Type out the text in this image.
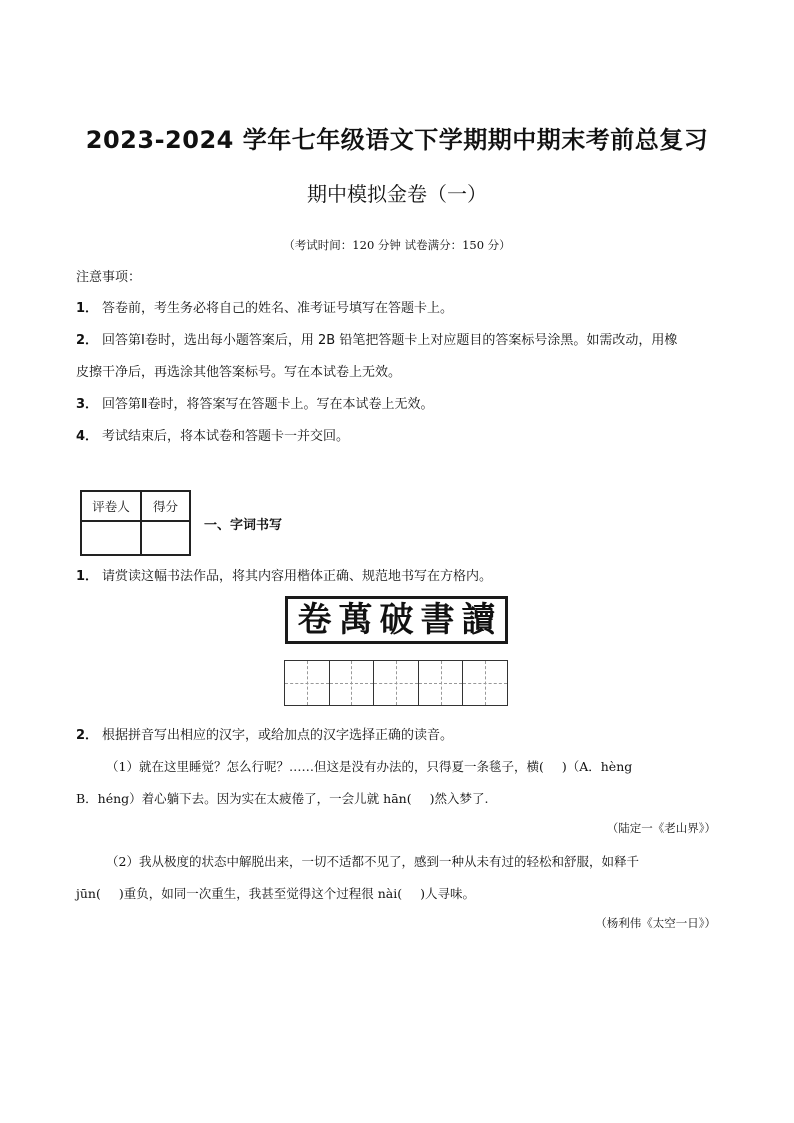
2023-2024 学年七年级语文下学期期中期末考前总复习
期中模拟金卷（一）
（考试时间：120 分钟 试卷满分：150 分）
注意事项：
1． 答卷前，考生务必将自己的姓名、准考证号填写在答题卡上。
2． 回答第Ⅰ卷时，选出每小题答案后，用 2B 铅笔把答题卡上对应题目的答案标号涂黑。如需改动，用橡
皮擦干净后，再选涂其他答案标号。写在本试卷上无效。
3． 回答第Ⅱ卷时，将答案写在答题卡上。写在本试卷上无效。
4． 考试结束后，将本试卷和答题卡一并交回。
评卷人	得分

一、字词书写
1． 请赏读这幅书法作品，将其内容用楷体正确、规范地书写在方格内。
卷 萬 破 書 讀
2． 根据拼音写出相应的汉字，或给加点的汉字选择正确的读音。
（1）就在这里睡觉？怎么行呢？……但这是没有办法的，只得夏一条毯子，横( )（A．hèng
B．héng）着心躺下去。因为实在太疲倦了，一会儿就 hān( )然入梦了.
（陆定一《老山界》）
（2）我从极度的状态中解脱出来，一切不适都不见了，感到一种从未有过的轻松和舒服，如释千
jūn( )重负，如同一次重生，我甚至觉得这个过程很 nài( )人寻味。
（杨利伟《太空一日》）
